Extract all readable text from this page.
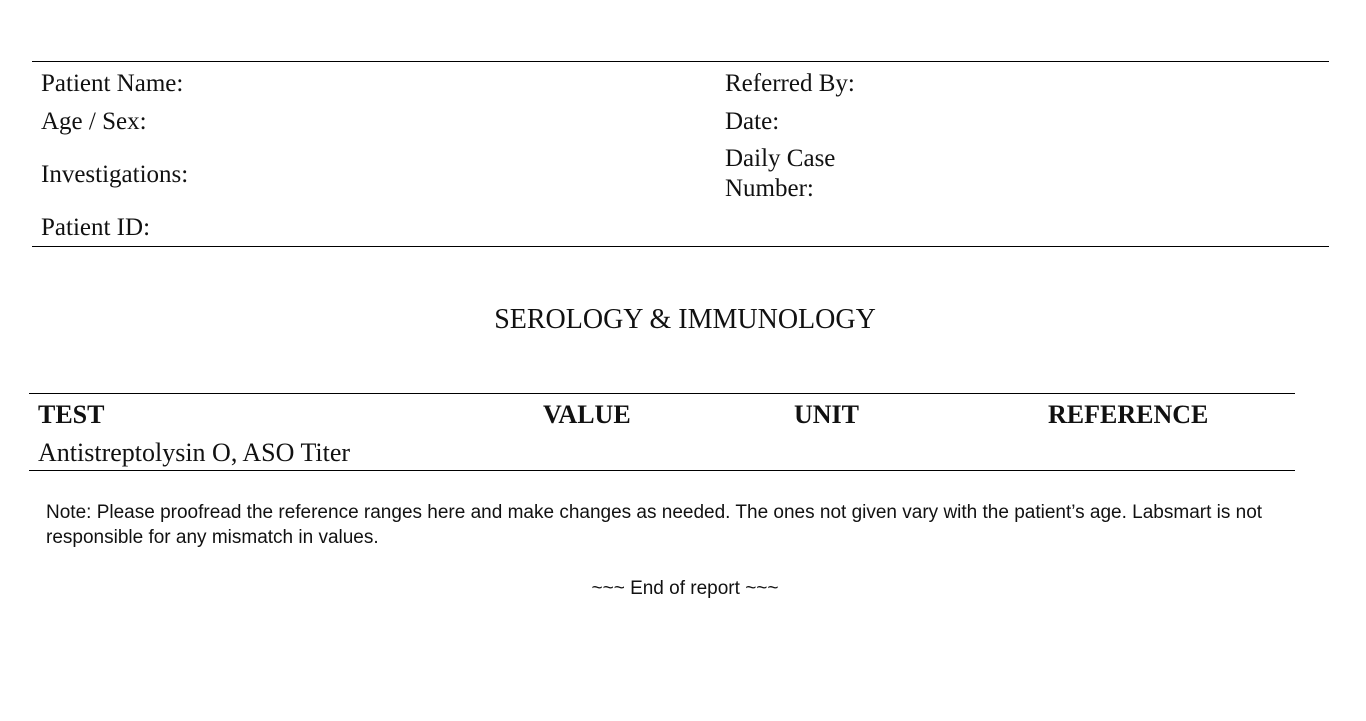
Patient Name:
Age / Sex:
Investigations:
Patient ID:
Referred By:
Date:
Daily Case
Number:
SEROLOGY & IMMUNOLOGY
TEST	VALUE	UNIT	REFERENCE
Antistreptolysin O, ASO Titer
Note: Please proofread the reference ranges here and make changes as needed. The ones not given vary with the patient’s age. Labsmart is not responsible for any mismatch in values.
~~~ End of report ~~~
